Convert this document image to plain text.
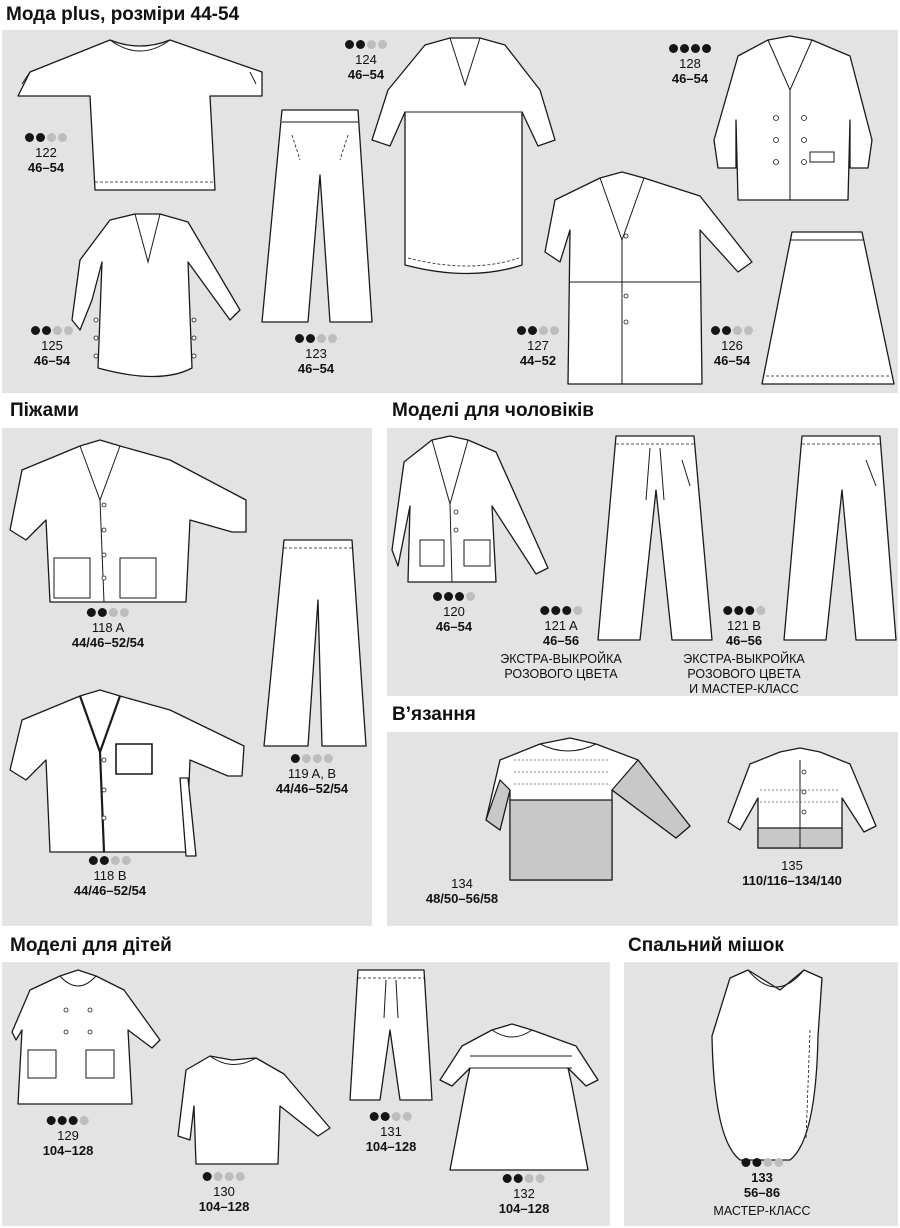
Мода plus, розміри 44-54
Піжами	Моделі для чоловіків
В’язання
Моделі для дітей	Спальний мішок
122
46–54
124
46–54
128
46–54
125
46–54	123
46–54
127
44–52
126
46–54
118 A
44/46–52/54
118 B
44/46–52/54
119 A, B
44/46–52/54
120
46–54	121 A
46–56
ЭКСТРА-ВЫКРОЙКА
РОЗОВОГО ЦВЕТА
121 B
46–56
ЭКСТРА-ВЫКРОЙКА
РОЗОВОГО ЦВЕТА
И МАСТЕР-КЛАСС
134
48/50–56/58
135
110/116–134/140
129
104–128
130
104–128
131
104–128
132
104–128
133
56–86
МАСТЕР-КЛАСС
